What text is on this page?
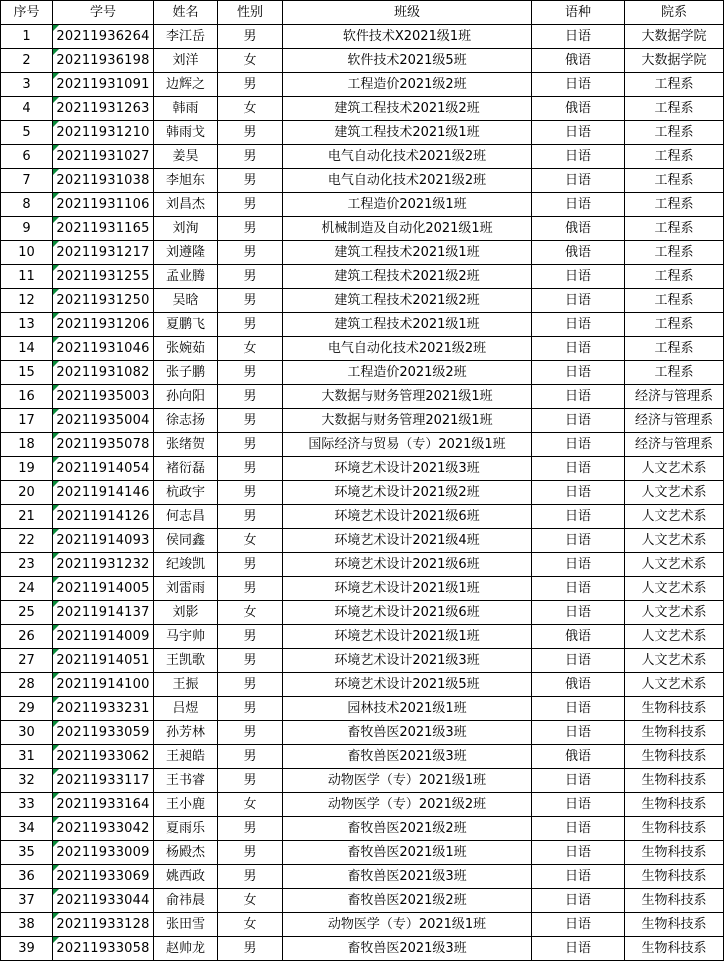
序号	学号	姓名	性别	班级	语种	院系
1	20211936264	李江岳	男	软件技术X2021级1班	日语	大数据学院
2	20211936198	刘洋	女	软件技术2021级5班	俄语	大数据学院
3	20211931091	边辉之	男	工程造价2021级2班	日语	工程系
4	20211931263	韩雨	女	建筑工程技术2021级2班	俄语	工程系
5	20211931210	韩雨戈	男	建筑工程技术2021级1班	日语	工程系
6	20211931027	姜昊	男	电气自动化技术2021级2班	日语	工程系
7	20211931038	李旭东	男	电气自动化技术2021级2班	日语	工程系
8	20211931106	刘昌杰	男	工程造价2021级1班	日语	工程系
9	20211931165	刘洵	男	机械制造及自动化2021级1班	俄语	工程系
10	20211931217	刘遵隆	男	建筑工程技术2021级1班	俄语	工程系
11	20211931255	孟业腾	男	建筑工程技术2021级2班	日语	工程系
12	20211931250	吴晗	男	建筑工程技术2021级2班	日语	工程系
13	20211931206	夏鹏飞	男	建筑工程技术2021级1班	日语	工程系
14	20211931046	张婉茹	女	电气自动化技术2021级2班	日语	工程系
15	20211931082	张子鹏	男	工程造价2021级2班	日语	工程系
16	20211935003	孙向阳	男	大数据与财务管理2021级1班	日语	经济与管理系
17	20211935004	徐志扬	男	大数据与财务管理2021级1班	日语	经济与管理系
18	20211935078	张绪贺	男	国际经济与贸易（专）2021级1班	日语	经济与管理系
19	20211914054	褚衍磊	男	环境艺术设计2021级3班	日语	人文艺术系
20	20211914146	杭政宇	男	环境艺术设计2021级2班	日语	人文艺术系
21	20211914126	何志昌	男	环境艺术设计2021级6班	日语	人文艺术系
22	20211914093	侯同鑫	女	环境艺术设计2021级4班	日语	人文艺术系
23	20211931232	纪竣凯	男	环境艺术设计2021级6班	日语	人文艺术系
24	20211914005	刘雷雨	男	环境艺术设计2021级1班	日语	人文艺术系
25	20211914137	刘影	女	环境艺术设计2021级6班	日语	人文艺术系
26	20211914009	马宇帅	男	环境艺术设计2021级1班	俄语	人文艺术系
27	20211914051	王凯歌	男	环境艺术设计2021级3班	日语	人文艺术系
28	20211914100	王振	男	环境艺术设计2021级5班	俄语	人文艺术系
29	20211933231	吕煜	男	园林技术2021级1班	日语	生物科技系
30	20211933059	孙芳林	男	畜牧兽医2021级3班	日语	生物科技系
31	20211933062	王昶皓	男	畜牧兽医2021级3班	俄语	生物科技系
32	20211933117	王书睿	男	动物医学（专）2021级1班	日语	生物科技系
33	20211933164	王小鹿	女	动物医学（专）2021级2班	日语	生物科技系
34	20211933042	夏雨乐	男	畜牧兽医2021级2班	日语	生物科技系
35	20211933009	杨殿杰	男	畜牧兽医2021级1班	日语	生物科技系
36	20211933069	姚西政	男	畜牧兽医2021级3班	日语	生物科技系
37	20211933044	俞祎晨	女	畜牧兽医2021级2班	日语	生物科技系
38	20211933128	张田雪	女	动物医学（专）2021级1班	日语	生物科技系
39	20211933058	赵帅龙	男	畜牧兽医2021级3班	日语	生物科技系
